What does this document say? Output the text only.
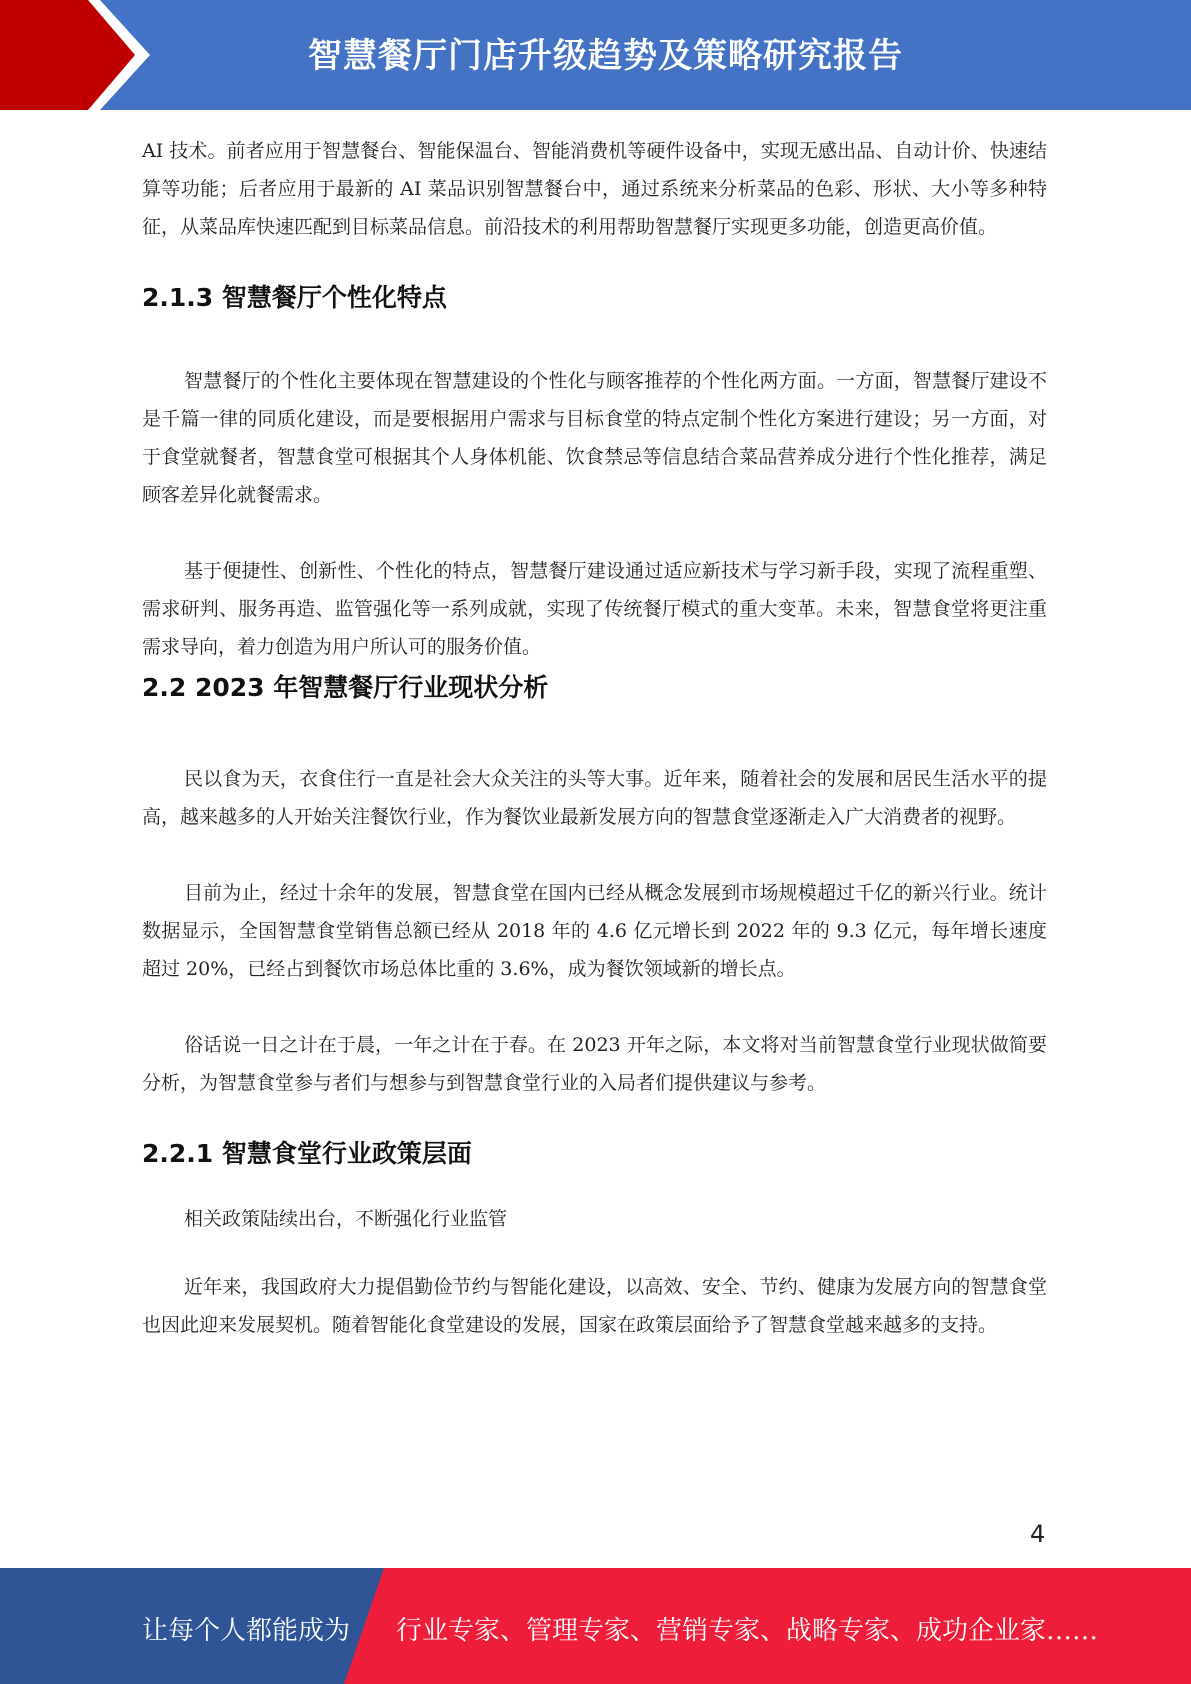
智慧餐厅门店升级趋势及策略研究报告

AI 技术。前者应用于智慧餐台、智能保温台、智能消费机等硬件设备中，实现无感出品、自动计价、快速结算等功能；后者应用于最新的 AI 菜品识别智慧餐台中，通过系统来分析菜品的色彩、形状、大小等多种特征，从菜品库快速匹配到目标菜品信息。前沿技术的利用帮助智慧餐厅实现更多功能，创造更高价值。

2.1.3 智慧餐厅个性化特点

智慧餐厅的个性化主要体现在智慧建设的个性化与顾客推荐的个性化两方面。一方面，智慧餐厅建设不是千篇一律的同质化建设，而是要根据用户需求与目标食堂的特点定制个性化方案进行建设；另一方面，对于食堂就餐者，智慧食堂可根据其个人身体机能、饮食禁忌等信息结合菜品营养成分进行个性化推荐，满足顾客差异化就餐需求。

基于便捷性、创新性、个性化的特点，智慧餐厅建设通过适应新技术与学习新手段，实现了流程重塑、需求研判、服务再造、监管强化等一系列成就，实现了传统餐厅模式的重大变革。未来，智慧食堂将更注重需求导向，着力创造为用户所认可的服务价值。

2.2 2023 年智慧餐厅行业现状分析

民以食为天，衣食住行一直是社会大众关注的头等大事。近年来，随着社会的发展和居民生活水平的提高，越来越多的人开始关注餐饮行业，作为餐饮业最新发展方向的智慧食堂逐渐走入广大消费者的视野。

目前为止，经过十余年的发展，智慧食堂在国内已经从概念发展到市场规模超过千亿的新兴行业。统计数据显示，全国智慧食堂销售总额已经从 2018 年的 4.6 亿元增长到 2022 年的 9.3 亿元，每年增长速度超过 20%，已经占到餐饮市场总体比重的 3.6%，成为餐饮领域新的增长点。

俗话说一日之计在于晨，一年之计在于春。在 2023 开年之际，本文将对当前智慧食堂行业现状做简要分析，为智慧食堂参与者们与想参与到智慧食堂行业的入局者们提供建议与参考。

2.2.1 智慧食堂行业政策层面

相关政策陆续出台，不断强化行业监管

近年来，我国政府大力提倡勤俭节约与智能化建设，以高效、安全、节约、健康为发展方向的智慧食堂也因此迎来发展契机。随着智能化食堂建设的发展，国家在政策层面给予了智慧食堂越来越多的支持。

4
让每个人都能成为 行业专家、管理专家、营销专家、战略专家、成功企业家……
